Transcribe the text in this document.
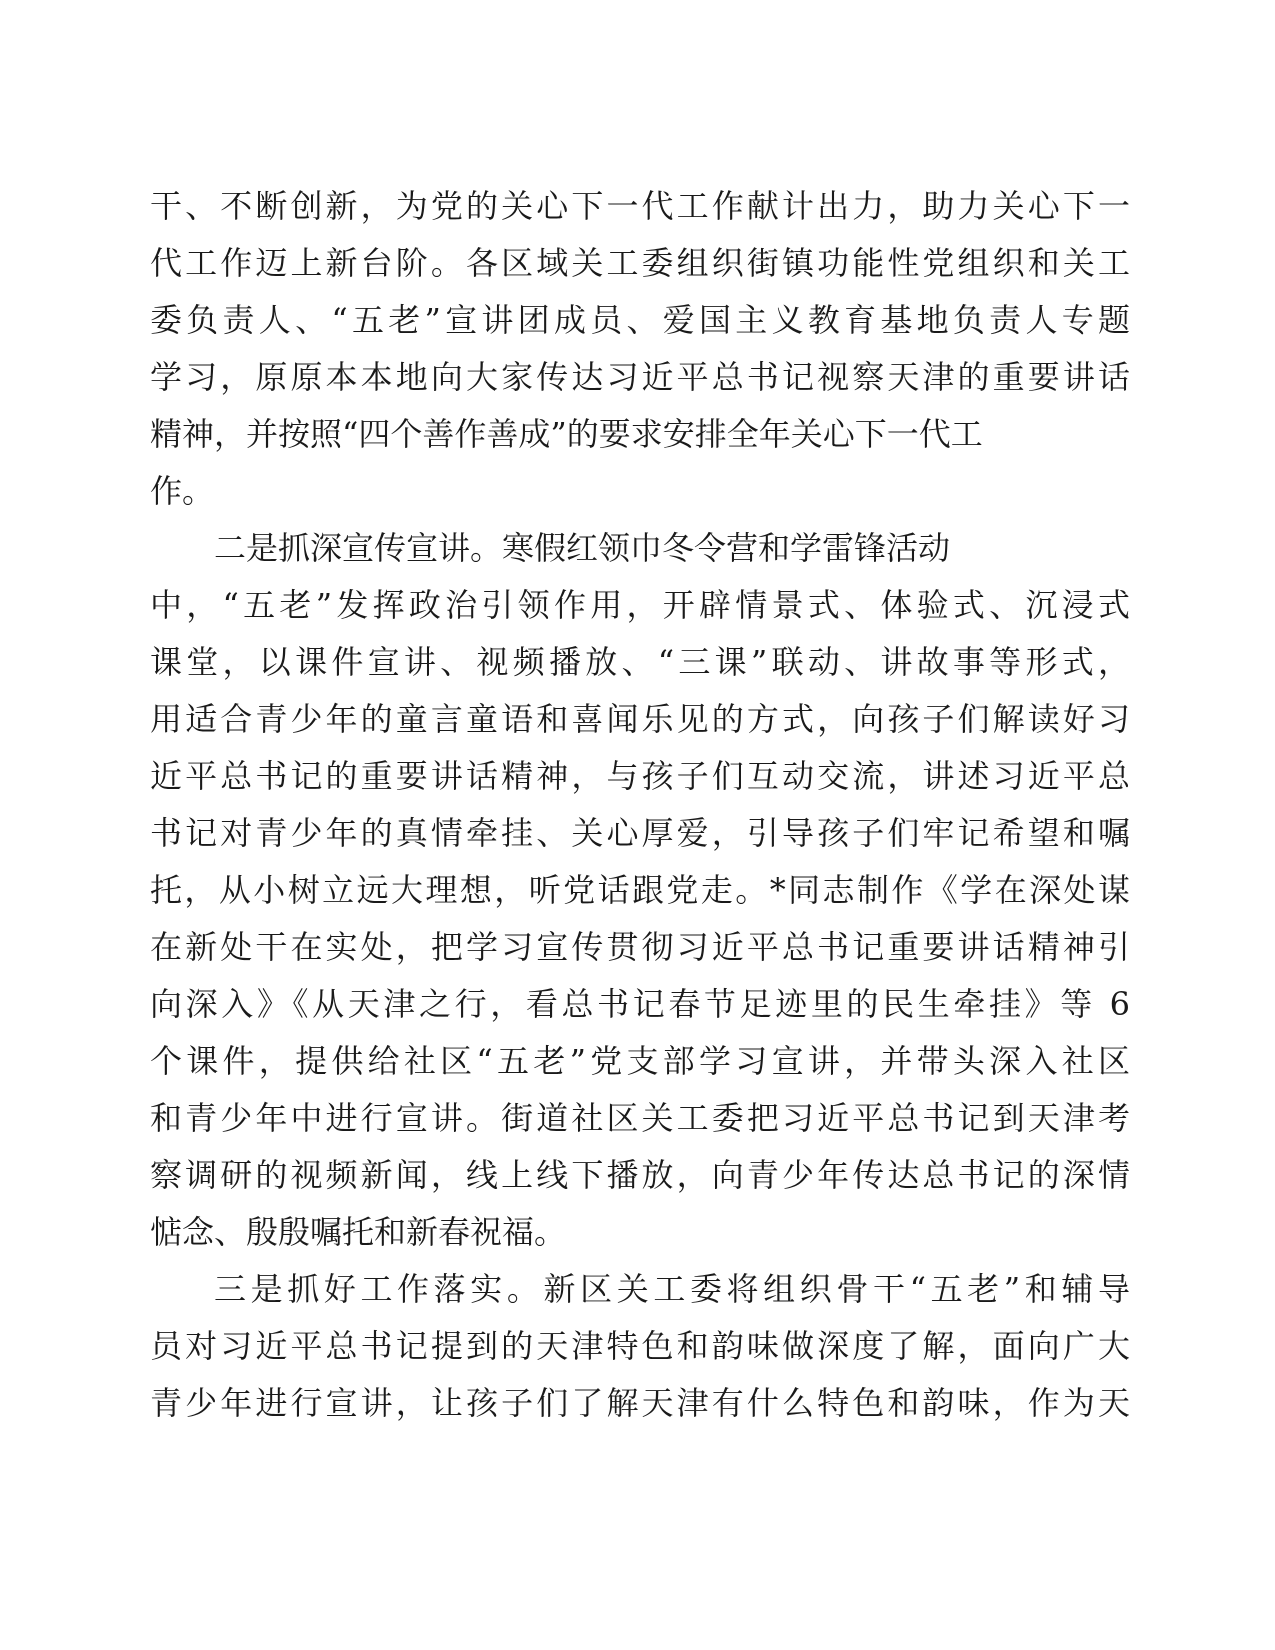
干、不断创新，为党的关心下一代工作献计出力，助力关心下一
代工作迈上新台阶。各区域关工委组织街镇功能性党组织和关工
委负责人、“五老”宣讲团成员、爱国主义教育基地负责人专题
学习，原原本本地向大家传达习近平总书记视察天津的重要讲话
精神，并按照“四个善作善成”的要求安排全年关心下一代工
作。
二是抓深宣传宣讲。寒假红领巾冬令营和学雷锋活动
中，“五老”发挥政治引领作用，开辟情景式、体验式、沉浸式
课堂，以课件宣讲、视频播放、“三课”联动、讲故事等形式，
用适合青少年的童言童语和喜闻乐见的方式，向孩子们解读好习
近平总书记的重要讲话精神，与孩子们互动交流，讲述习近平总
书记对青少年的真情牵挂、关心厚爱，引导孩子们牢记希望和嘱
托，从小树立远大理想，听党话跟党走。*同志制作《学在深处谋
在新处干在实处，把学习宣传贯彻习近平总书记重要讲话精神引
向深入》《从天津之行，看总书记春节足迹里的民生牵挂》等 6
个课件，提供给社区“五老”党支部学习宣讲，并带头深入社区
和青少年中进行宣讲。街道社区关工委把习近平总书记到天津考
察调研的视频新闻，线上线下播放，向青少年传达总书记的深情
惦念、殷殷嘱托和新春祝福。
三是抓好工作落实。新区关工委将组织骨干“五老”和辅导
员对习近平总书记提到的天津特色和韵味做深度了解，面向广大
青少年进行宣讲，让孩子们了解天津有什么特色和韵味，作为天
